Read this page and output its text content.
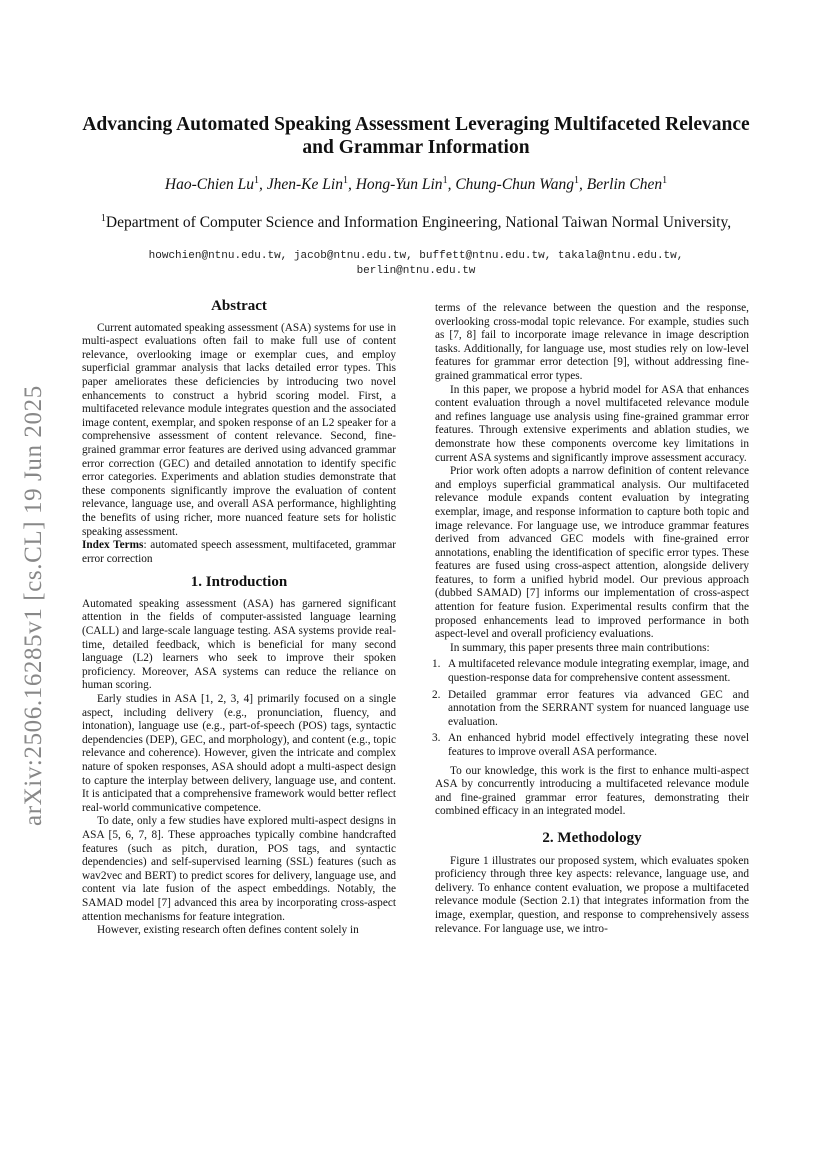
arXiv:2506.16285v1 [cs.CL] 19 Jun 2025
Advancing Automated Speaking Assessment Leveraging Multifaceted Relevance and Grammar Information
Hao-Chien Lu$^1$, Jhen-Ke Lin$^1$, Hong-Yun Lin$^1$, Chung-Chun Wang$^1$, Berlin Chen$^1$
$^1$Department of Computer Science and Information Engineering, National Taiwan Normal University,
howchien@ntnu.edu.tw, jacob@ntnu.edu.tw, buffett@ntnu.edu.tw, takala@ntnu.edu.tw, berlin@ntnu.edu.tw
Abstract

Current automated speaking assessment (ASA) systems for use in multi-aspect evaluations often fail to make full use of content relevance, overlooking image or exemplar cues, and employ superficial grammar analysis that lacks detailed error types. This paper ameliorates these deficiencies by introducing two novel enhancements to construct a hybrid scoring model. First, a multifaceted relevance module integrates question and the associated image content, exemplar, and spoken response of an L2 speaker for a comprehensive assessment of content relevance. Second, fine-grained grammar error features are derived using advanced grammar error correction (GEC) and detailed annotation to identify specific error categories. Experiments and ablation studies demonstrate that these components significantly improve the evaluation of content relevance, language use, and overall ASA performance, highlighting the benefits of using richer, more nuanced feature sets for holistic speaking assessment.

Index Terms: automated speech assessment, multifaceted, grammar error correction

1. Introduction

Automated speaking assessment (ASA) has garnered significant attention in the fields of computer-assisted language learning (CALL) and large-scale language testing. ASA systems provide real-time, detailed feedback, which is beneficial for many second language (L2) learners who seek to improve their spoken proficiency. Moreover, ASA systems can reduce the reliance on human scoring.

Early studies in ASA [1, 2, 3, 4] primarily focused on a single aspect, including delivery (e.g., pronunciation, fluency, and intonation), language use (e.g., part-of-speech (POS) tags, syntactic dependencies (DEP), GEC, and morphology), and content (e.g., topic relevance and coherence). However, given the intricate and complex nature of spoken responses, ASA should adopt a multi-aspect design to capture the interplay between delivery, language use, and content. It is anticipated that a comprehensive framework would better reflect real-world communicative competence.

To date, only a few studies have explored multi-aspect designs in ASA [5, 6, 7, 8]. These approaches typically combine handcrafted features (such as pitch, duration, POS tags, and syntactic dependencies) and self-supervised learning (SSL) features (such as wav2vec and BERT) to predict scores for delivery, language use, and content via late fusion of the aspect embeddings. Notably, the SAMAD model [7] advanced this area by incorporating cross-aspect attention mechanisms for feature integration.

However, existing research often defines content solely in

terms of the relevance between the question and the response, overlooking cross-modal topic relevance. For example, studies such as [7, 8] fail to incorporate image relevance in image description tasks. Additionally, for language use, most studies rely on low-level features for grammar error detection [9], without addressing fine-grained grammatical error types.

In this paper, we propose a hybrid model for ASA that enhances content evaluation through a novel multifaceted relevance module and refines language use analysis using fine-grained grammar error features. Through extensive experiments and ablation studies, we demonstrate how these components overcome key limitations in current ASA systems and significantly improve assessment accuracy.

Prior work often adopts a narrow definition of content relevance and employs superficial grammatical analysis. Our multifaceted relevance module expands content evaluation by integrating exemplar, image, and response information to capture both topic and image relevance. For language use, we introduce grammar features derived from advanced GEC models with fine-grained error annotations, enabling the identification of specific error types. These features are fused using cross-aspect attention, alongside delivery features, to form a unified hybrid model. Our previous approach (dubbed SAMAD) [7] informs our implementation of cross-aspect attention for feature fusion. Experimental results confirm that the proposed enhancements lead to improved performance in both aspect-level and overall proficiency evaluations.

In summary, this paper presents three main contributions:

1. A multifaceted relevance module integrating exemplar, image, and question-response data for comprehensive content assessment.
2. Detailed grammar error features via advanced GEC and annotation from the SERRANT system for nuanced language use evaluation.
3. An enhanced hybrid model effectively integrating these novel features to improve overall ASA performance.

To our knowledge, this work is the first to enhance multi-aspect ASA by concurrently introducing a multifaceted relevance module and fine-grained grammar error features, demonstrating their combined efficacy in an integrated model.

2. Methodology

Figure 1 illustrates our proposed system, which evaluates spoken proficiency through three key aspects: relevance, language use, and delivery. To enhance content evaluation, we propose a multifaceted relevance module (Section 2.1) that integrates information from the image, exemplar, question, and response to comprehensively assess relevance. For language use, we intro-
